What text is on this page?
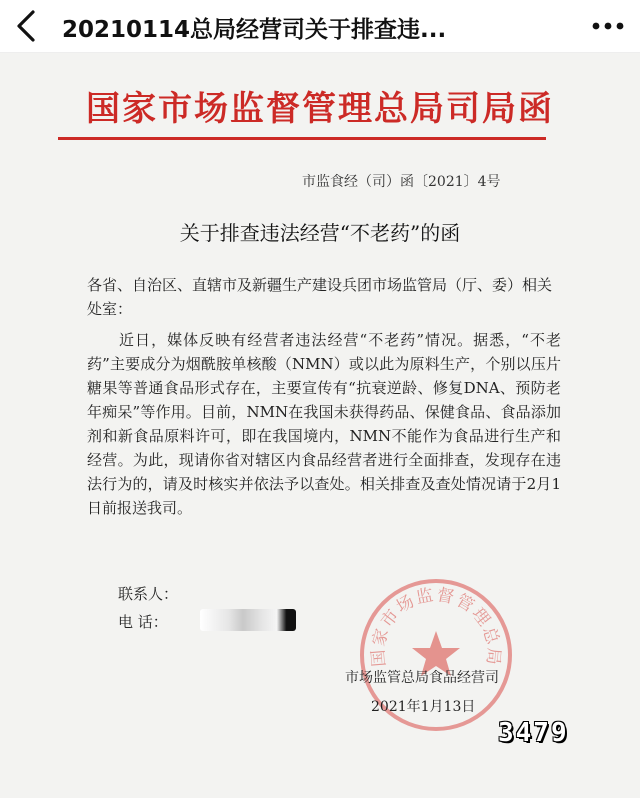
20210114总局经营司关于排查违...
国家市场监督管理总局司局函
市监食经（司）函〔2021〕4号
关于排查违法经营“不老药”的函

各省、自治区、直辖市及新疆生产建设兵团市场监管局（厅、委）相关处室：

近日，媒体反映有经营者违法经营“不老药”情况。据悉，“不老药”主要成分为烟酰胺单核酸（NMN）或以此为原料生产，个别以压片糖果等普通食品形式存在，主要宣传有“抗衰逆龄、修复DNA、预防老年痴呆”等作用。目前，NMN在我国未获得药品、保健食品、食品添加剂和新食品原料许可，即在我国境内，NMN不能作为食品进行生产和经营。为此，现请你省对辖区内食品经营者进行全面排查，发现存在违法行为的，请及时核实并依法予以查处。相关排查及查处情况请于2月1日前报送我司。

联系人：
电 话：
国家市场监督管理总局
市场监管总局食品经营司
2021年1月13日
3479
